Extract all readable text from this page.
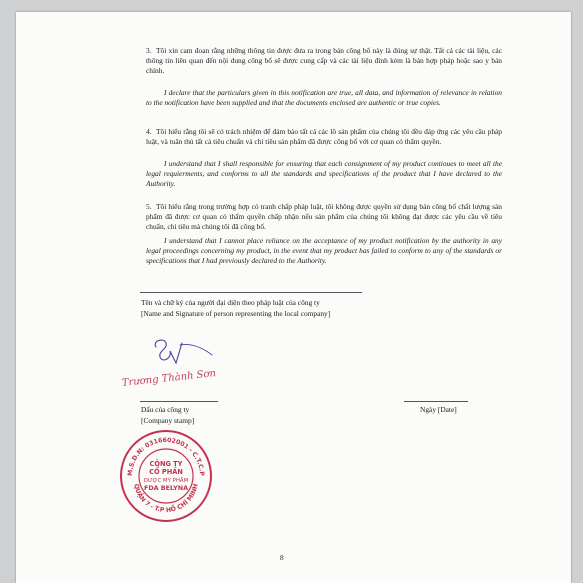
3. Tôi xin cam đoan rằng những thông tin được đưa ra trong bản công bố này là đúng sự thật. Tất cả các tài liệu, các thông tin liên quan đến nội dung công bố sẽ được cung cấp và các tài liệu đính kèm là bản hợp pháp hoặc sao y bản chính.

I declare that the particulars given in this notification are true, all data, and information of relevance in relation to the notification have been supplied and that the documents enclosed are authentic or true copies.

4. Tôi hiểu rằng tôi sẽ có trách nhiệm để đảm bảo tất cả các lô sản phẩm của chúng tôi đều đáp ứng các yêu cầu pháp luật, và tuân thủ tất cả tiêu chuẩn và chỉ tiêu sản phẩm đã được công bố với cơ quan có thẩm quyền.

I understand that I shall responsible for ensuring that each consignment of my product contioues to meet all the legal requierments, and conforms to all the standards and specifications of the product that I have declared to the Authority.

5. Tôi hiểu rằng trong trường hợp có tranh chấp pháp luật, tôi không được quyền sử dụng bản công bố chất lượng sản phẩm đã được cơ quan có thẩm quyền chấp nhận nếu sản phẩm của chúng tôi không đạt được các yêu cầu về tiêu chuẩn, chỉ tiêu mà chúng tôi đã công bố.

I understand that I cannot place reliance on the acceptance of my product notification by the authority in any legal proceedings concerning my product, in the event that my product has failed to conform to any of the standards or specifications that I had previously declared to the Authority.

Tên và chữ ký của người đại diện theo pháp luật của công ty
[Name and Signature of person representing the local company]
Trương Thành Sơn
Dấu của công ty
[Company stamp]
Ngày [Date]
M.S.D.N: 0316602001 - C.T.C.P
QUẬN 7 - T.P HỒ CHÍ MINH
CÔNG TY
CỔ PHẦN
DƯỢC MỸ PHẨM
FDA BELYNA
8
